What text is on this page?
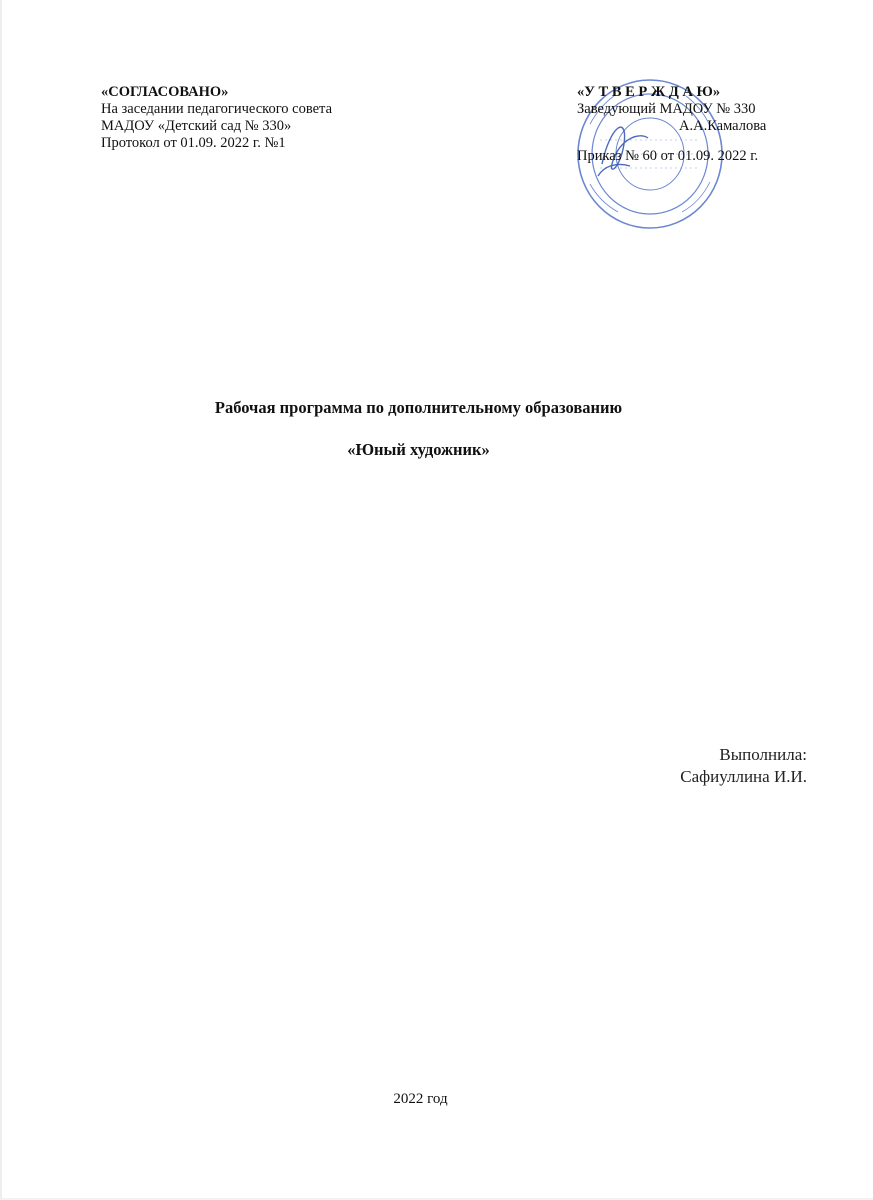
«СОГЛАСОВАНО»
На заседании педагогического совета
МАДОУ «Детский сад № 330»
Протокол от 01.09. 2022 г. №1
«У Т В Е Р Ж Д А Ю»
Заведующий МАДОУ № 330
А.А.Камалова
Приказ № 60 от 01.09. 2022 г.
Рабочая программа по дополнительному образованию
«Юный художник»
Выполнила:
Сафиуллина И.И.
2022 год
